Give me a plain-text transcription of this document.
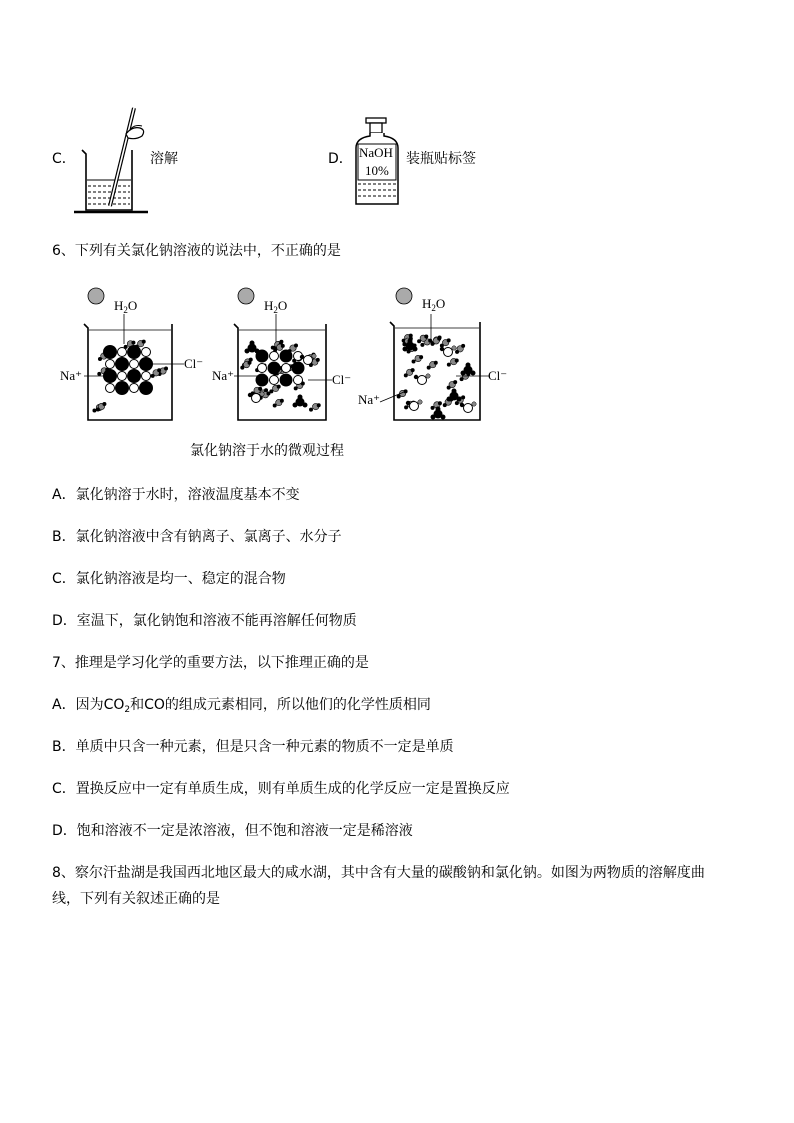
C．	溶解	D． NaOH
10%
装瓶贴标签
6、下列有关氯化钠溶液的说法中，不正确的是
$H_2O$	$H_2O$	$H_2O$
Na⁺
Cl⁻
Na⁺	Cl⁻
Na⁺
Cl⁻
氯化钠溶于水的微观过程
A．氯化钠溶于水时，溶液温度基本不变
B．氯化钠溶液中含有钠离子、氯离子、水分子
C．氯化钠溶液是均一、稳定的混合物
D．室温下，氯化钠饱和溶液不能再溶解任何物质
7、推理是学习化学的重要方法，以下推理正确的是
A．因为$CO_2$和CO的组成元素相同，所以他们的化学性质相同
B．单质中只含一种元素，但是只含一种元素的物质不一定是单质
C．置换反应中一定有单质生成，则有单质生成的化学反应一定是置换反应
D．饱和溶液不一定是浓溶液，但不饱和溶液一定是稀溶液
8、察尔汗盐湖是我国西北地区最大的咸水湖，其中含有大量的碳酸钠和氯化钠。如图为两物质的溶解度曲
线，下列有关叙述正确的是
